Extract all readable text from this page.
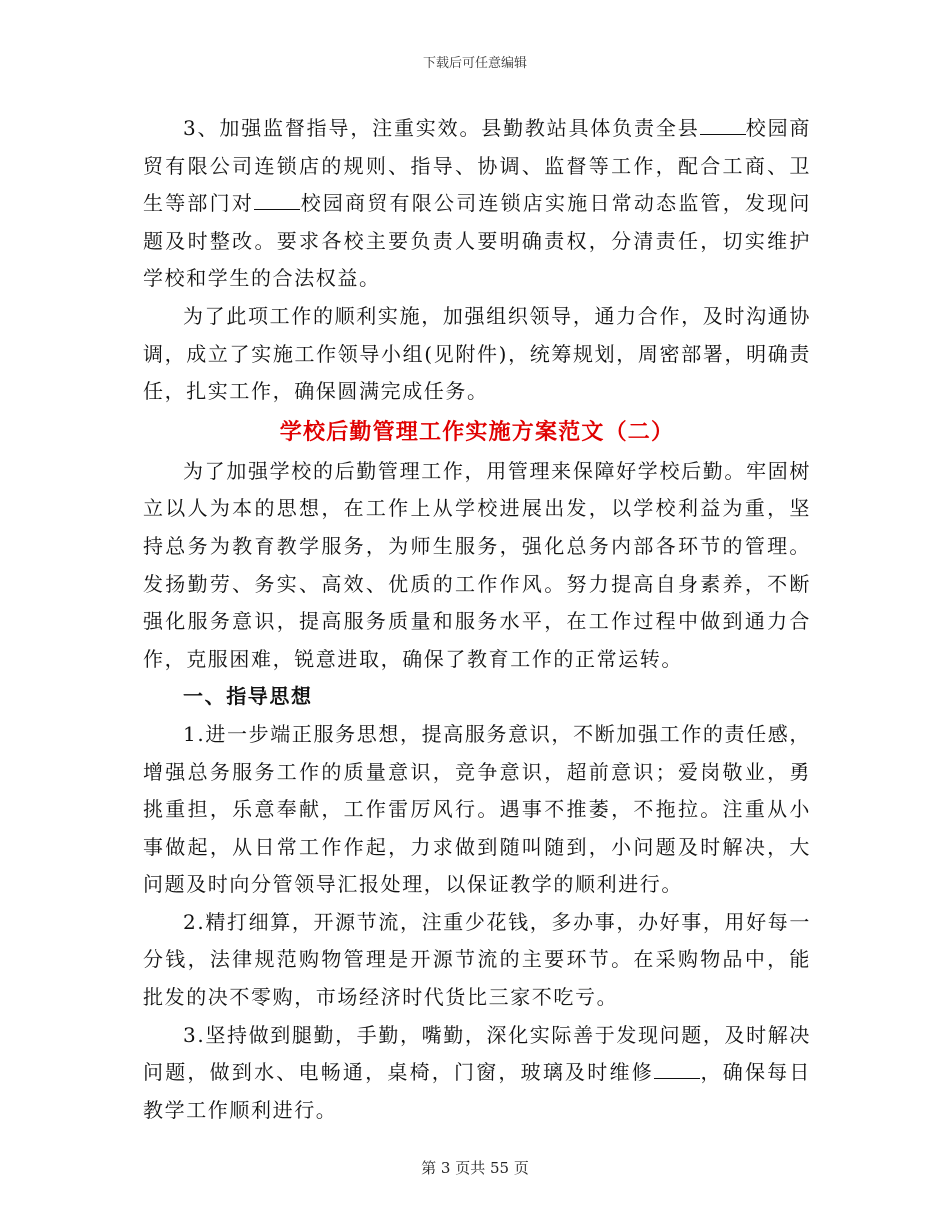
下载后可任意编辑

3、加强监督指导，注重实效。县勤教站具体负责全县 校园商贸有限公司连锁店的规则、指导、协调、监督等工作，配合工商、卫生等部门对 校园商贸有限公司连锁店实施日常动态监管，发现问题及时整改。要求各校主要负责人要明确责权，分清责任，切实维护学校和学生的合法权益。

为了此项工作的顺利实施，加强组织领导，通力合作，及时沟通协调，成立了实施工作领导小组(见附件)，统筹规划，周密部署，明确责任，扎实工作，确保圆满完成任务。

学校后勤管理工作实施方案范文（二）

为了加强学校的后勤管理工作，用管理来保障好学校后勤。牢固树立以人为本的思想，在工作上从学校进展出发，以学校利益为重，坚持总务为教育教学服务，为师生服务，强化总务内部各环节的管理。发扬勤劳、务实、高效、优质的工作作风。努力提高自身素养，不断强化服务意识，提高服务质量和服务水平，在工作过程中做到通力合作，克服困难，锐意进取，确保了教育工作的正常运转。

一、指导思想

1.进一步端正服务思想，提高服务意识，不断加强工作的责任感，增强总务服务工作的质量意识，竞争意识，超前意识；爱岗敬业，勇挑重担，乐意奉献，工作雷厉风行。遇事不推萎，不拖拉。注重从小事做起，从日常工作作起，力求做到随叫随到，小问题及时解决，大问题及时向分管领导汇报处理，以保证教学的顺利进行。

2.精打细算，开源节流，注重少花钱，多办事，办好事，用好每一分钱，法律规范购物管理是开源节流的主要环节。在采购物品中，能批发的决不零购，市场经济时代货比三家不吃亏。

3.坚持做到腿勤，手勤，嘴勤，深化实际善于发现问题，及时解决问题，做到水、电畅通，桌椅，门窗，玻璃及时维修 ，确保每日教学工作顺利进行。

第 3 页共 55 页
